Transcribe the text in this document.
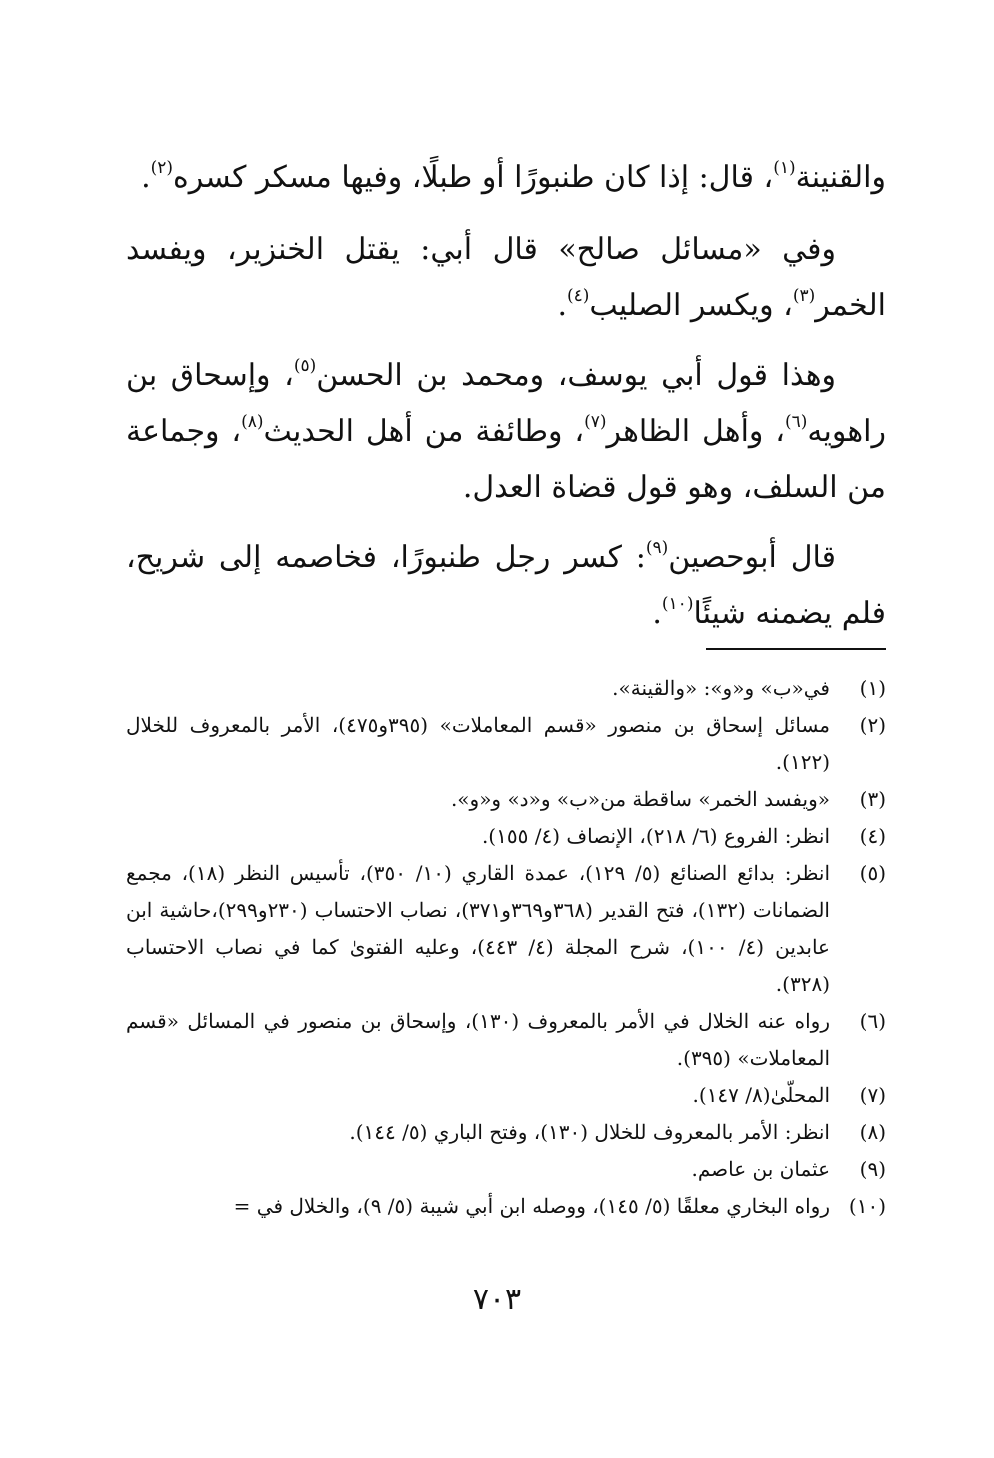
والقنينة$^{(١)}$، قال: إذا كان طنبورًا أو طبلًا، وفيها مسكر كسره$^{(٢)}$.

وفي «مسائل صالح» قال أبي: يقتل الخنزير، ويفسد الخمر$^{(٣)}$، ويكسر الصليب$^{(٤)}$.

وهذا قول أبي يوسف، ومحمد بن الحسن$^{(٥)}$، وإسحاق بن راهويه$^{(٦)}$، وأهل الظاهر$^{(٧)}$، وطائفة من أهل الحديث$^{(٨)}$، وجماعة من السلف، وهو قول قضاة العدل.

قال أبوحصين$^{(٩)}$: كسر رجل طنبورًا، فخاصمه إلى شريح، فلم يضمنه شيئًا$^{(١٠)}$.

(١)
في«ب» و«و»: «والقينة».
(٢)
مسائل إسحاق بن منصور «قسم المعاملات» (٣٩٥و٤٧٥)، الأمر بالمعروف للخلال (١٢٢).
(٣)
«ويفسد الخمر» ساقطة من«ب» و«د» و«و».
(٤)
انظر: الفروع (٦/ ٢١٨)، الإنصاف (٤/ ١٥٥).
(٥)
انظر: بدائع الصنائع (٥/ ١٢٩)، عمدة القاري (١٠/ ٣٥٠)، تأسيس النظر (١٨)، مجمع الضمانات (١٣٢)، فتح القدير (٣٦٨و٣٦٩و٣٧١)، نصاب الاحتساب (٢٣٠و٢٩٩)،حاشية ابن عابدين (٤/ ١٠٠)، شرح المجلة (٤/ ٤٤٣)، وعليه الفتوىٰ كما في نصاب الاحتساب (٣٢٨).
(٦)
رواه عنه الخلال في الأمر بالمعروف (١٣٠)، وإسحاق بن منصور في المسائل «قسم المعاملات» (٣٩٥).
(٧)
المحلّىٰ(٨/ ١٤٧).
(٨)
انظر: الأمر بالمعروف للخلال (١٣٠)، وفتح الباري (٥/ ١٤٤).
(٩)
عثمان بن عاصم.
(١٠)
رواه البخاري معلقًا (٥/ ١٤٥)، ووصله ابن أبي شيبة (٥/ ٩)، والخلال في =
٧٠٣
